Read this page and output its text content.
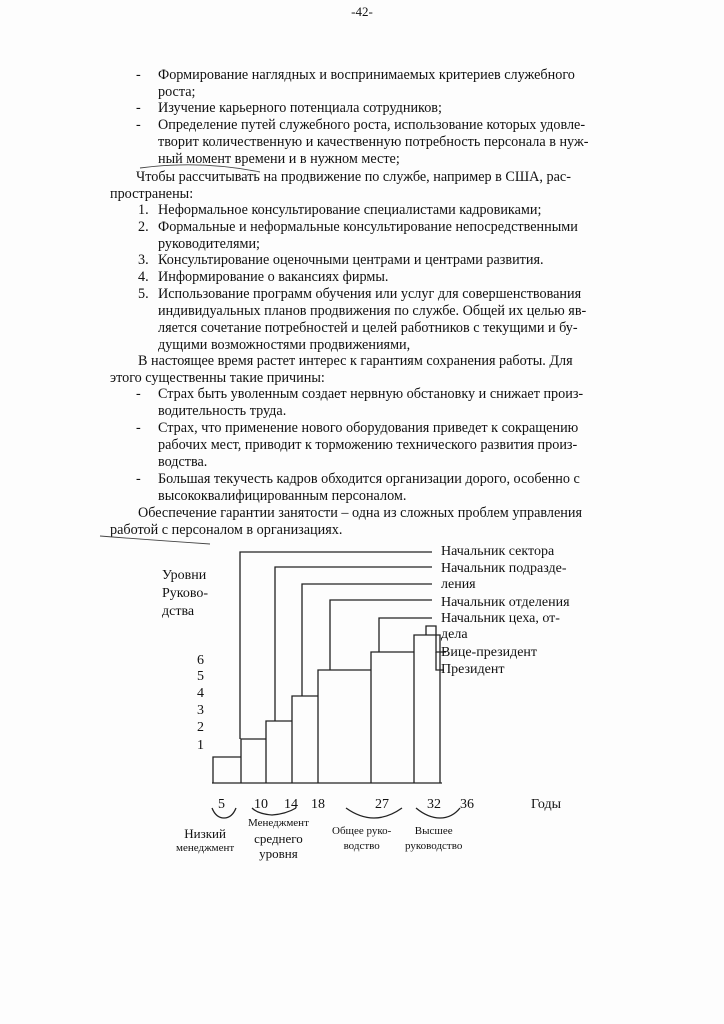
-42-
-	Формирование наглядных и воспринимаемых критериев служебного
роста;
-	Изучение карьерного потенциала сотрудников;
-	Определение путей служебного роста, использование которых удовле-
творит количественную и качественную потребность персонала в нуж-
ный момент времени и в нужном месте;
Чтобы рассчитывать на продвижение по службе, например в США, рас-
пространены:
1. Неформальное консультирование специалистами кадровиками;
2. Формальные и неформальные консультирование непосредственными
руководителями;
3. Консультирование оценочными центрами и центрами развития.
4. Информирование о вакансиях фирмы.
5. Использование программ обучения или услуг для совершенствования
индивидуальных планов продвижения по службе. Общей их целью яв-
ляется сочетание потребностей и целей работников с текущими и бу-
дущими возможностями продвижениями,
В настоящее время растет интерес к гарантиям сохранения работы. Для
этого существенны такие причины:
-	Страх быть уволенным создает нервную обстановку и снижает произ-
водительность труда.
-	Страх, что применение нового оборудования приведет к сокращению
рабочих мест, приводит к торможению технического развития произ-
водства.
-	Большая текучесть кадров обходится организации дорого, особенно с
высококвалифицированным персоналом.
Обеспечение гарантии занятости – одна из сложных проблем управления
работой с персоналом в организациях.
Уровни
Руково-
дства
1
2
3
4
5
6
5 10 14 18	27	32 36	Годы
Начальник сектора
Начальник подразде-
ления
Начальник отделения
Начальник цеха, от-
дела
Вице-президент
Президент
Низкий
менеджмент
Менеджмент
среднего
уровня
Общее руко-
водство
Высшее
руководство
